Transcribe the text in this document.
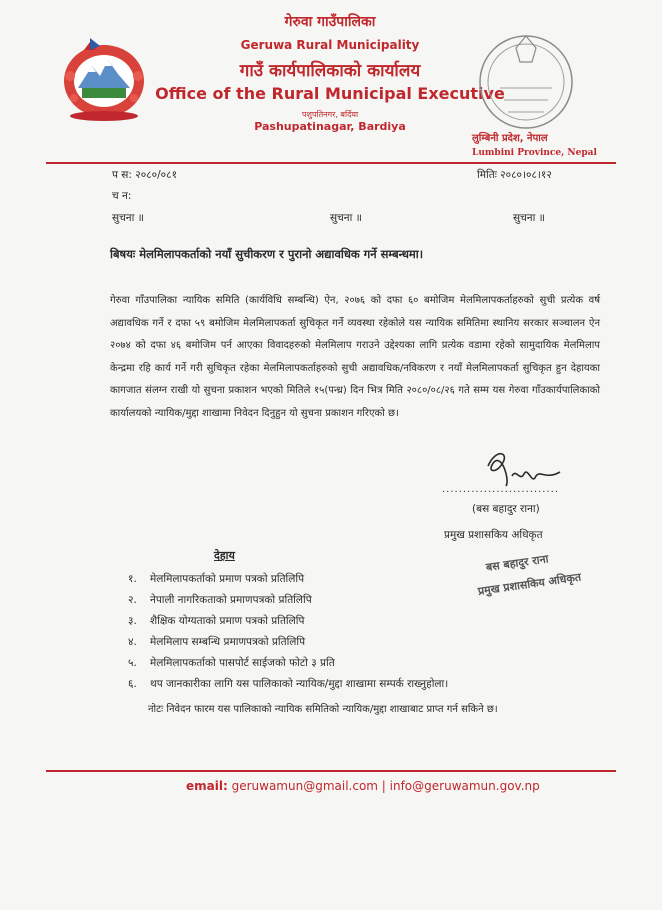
गेरुवा गाउँपालिका
Geruwa Rural Municipality
गाउँ कार्यपालिकाको कार्यालय
Office of the Rural Municipal Executive
पशुपतिनगर, बर्दिया
Pashupatinagar, Bardiya
लुम्बिनी प्रदेश, नेपाल
Lumbini Province, Nepal
प स: २०८०/०८१	मितिः २०८०।०८।१२
च न:
सुचना ॥	सुचना ॥	सुचना ॥
बिषयः मेलमिलापकर्ताको नयाँ सुचीकरण र पुरानो अद्यावधिक गर्ने सम्बन्धमा।
गेरुवा गाँउपालिका न्यायिक समिति (कार्यविधि सम्बन्धि) ऐन, २०७६ को दफा ६० बमोजिम मेलमिलापकर्ताहरुको सुची प्रत्येक वर्ष अद्यावधिक गर्ने र दफा ५९ बमोजिम मेलमिलापकर्ता सुचिकृत गर्ने व्यवस्था रहेकोले यस न्यायिक समितिमा स्थानिय सरकार सञ्चालन ऐन २०७४ को दफा ४६ बमोजिम पर्न आएका विवादहरुको मेलमिलाप गराउने उद्देश्यका लागि प्रत्येक वडामा रहेको सामुदायिक मेलमिलाप केन्द्रमा रहि कार्य गर्ने गरी सुचिकृत रहेका मेलमिलापकर्ताहरुको सुची अद्यावधिक/नविकरण र नयाँ मेलमिलापकर्ता सुचिकृत हुन देहायका कागजात संलग्न राखी यो सुचना प्रकाशन भएको मितिले १५(पन्ध्र) दिन भित्र मिति २०८०/०८/२६ गते सम्म यस गेरुवा गाँउकार्यपालिकाको कार्यालयको न्यायिक/मुद्दा शाखामा निवेदन दिनुहुन यो सुचना प्रकाशन गरिएको छ।
............................
(बस बहादुर राना)
प्रमुख प्रशासकिय अधिकृत
बस बहादुर राना
प्रमुख प्रशासकिय अधिकृत
देहाय
१.	मेलमिलापकर्ताको प्रमाण पत्रको प्रतिलिपि
२.	नेपाली नागरिकताको प्रमाणपत्रको प्रतिलिपि
३.	शैक्षिक योग्यताको प्रमाण पत्रको प्रतिलिपि
४.	मेलमिलाप सम्बन्धि प्रमाणपत्रको प्रतिलिपि
५.	मेलमिलापकर्ताको पासपोर्ट साईजको फोटो ३ प्रति
६.	थप जानकारीका लागि यस पालिकाको न्यायिक/मुद्दा शाखामा सम्पर्क राख्नुहोला।
नोटः निवेदन फारम यस पालिकाको न्यायिक समितिको न्यायिक/मुद्दा शाखाबाट प्राप्त गर्न सकिने छ।
email: geruwamun@gmail.com | info@geruwamun.gov.np
